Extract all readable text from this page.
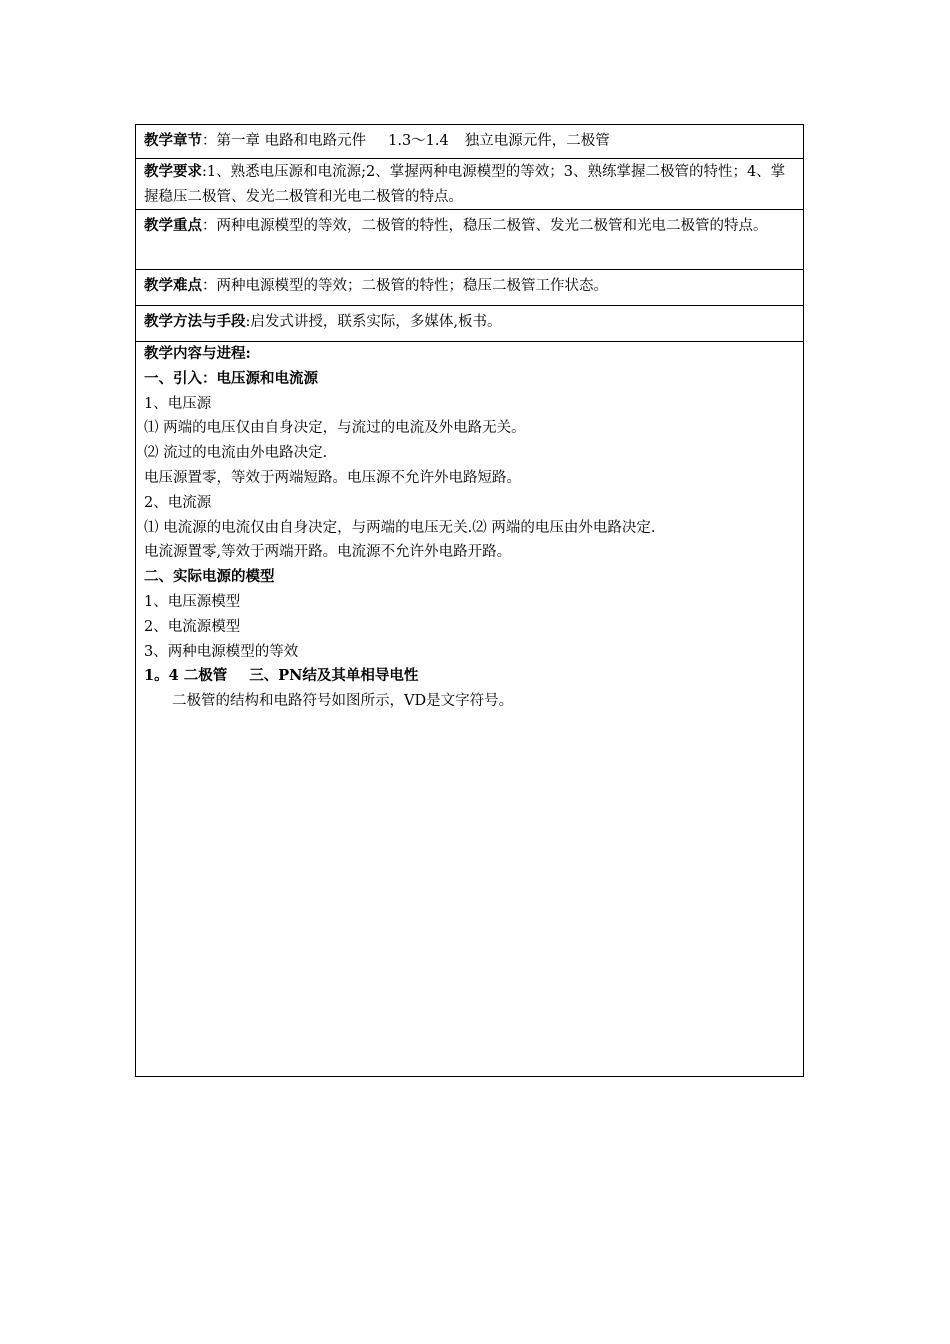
教学章节：第一章 电路和电路元件 1.3～1.4 独立电源元件，二极管
教学要求:1、熟悉电压源和电流源;2、掌握两种电源模型的等效；3、熟练掌握二极管的特性；4、掌握稳压二极管、发光二极管和光电二极管的特点。
教学重点：两种电源模型的等效，二极管的特性，稳压二极管、发光二极管和光电二极管的特点。
教学难点：两种电源模型的等效；二极管的特性；稳压二极管工作状态。
教学方法与手段:启发式讲授，联系实际，多媒体,板书。
教学内容与进程:
一、引入：电压源和电流源
1、电压源
⑴ 两端的电压仅由自身决定，与流过的电流及外电路无关。
⑵ 流过的电流由外电路决定.
电压源置零，等效于两端短路。电压源不允许外电路短路。
2、电流源
⑴ 电流源的电流仅由自身决定，与两端的电压无关.⑵ 两端的电压由外电路决定.
电流源置零,等效于两端开路。电流源不允许外电路开路。
二、实际电源的模型
1、电压源模型
2、电流源模型
3、两种电源模型的等效
1。4 二极管 三、PN结及其单相导电性
二极管的结构和电路符号如图所示，VD是文字符号。
